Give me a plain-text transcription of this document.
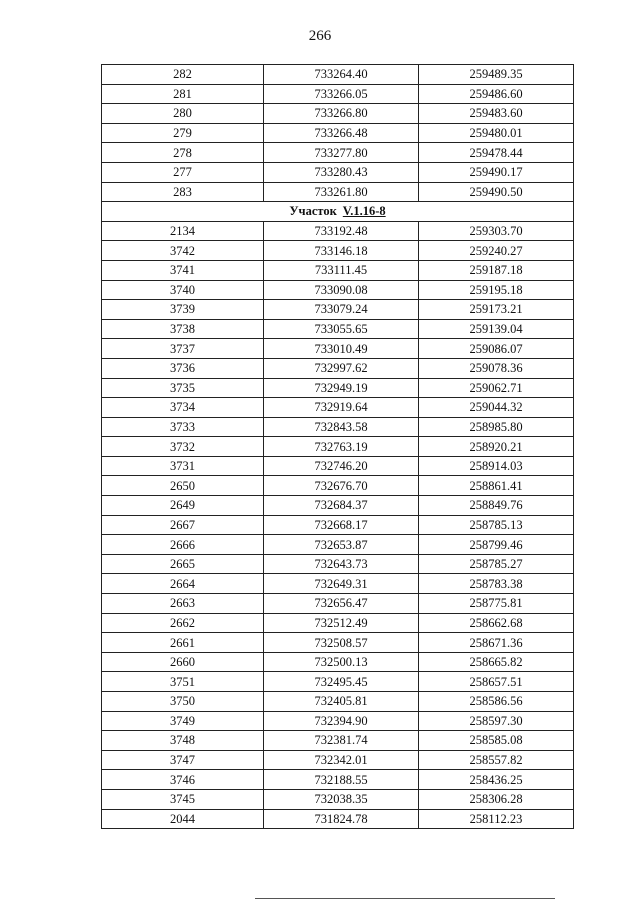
266
282	733264.40	259489.35
281	733266.05	259486.60
280	733266.80	259483.60
279	733266.48	259480.01
278	733277.80	259478.44
277	733280.43	259490.17
283	733261.80	259490.50
Участок V.1.16-8		
2134	733192.48	259303.70
3742	733146.18	259240.27
3741	733111.45	259187.18
3740	733090.08	259195.18
3739	733079.24	259173.21
3738	733055.65	259139.04
3737	733010.49	259086.07
3736	732997.62	259078.36
3735	732949.19	259062.71
3734	732919.64	259044.32
3733	732843.58	258985.80
3732	732763.19	258920.21
3731	732746.20	258914.03
2650	732676.70	258861.41
2649	732684.37	258849.76
2667	732668.17	258785.13
2666	732653.87	258799.46
2665	732643.73	258785.27
2664	732649.31	258783.38
2663	732656.47	258775.81
2662	732512.49	258662.68
2661	732508.57	258671.36
2660	732500.13	258665.82
3751	732495.45	258657.51
3750	732405.81	258586.56
3749	732394.90	258597.30
3748	732381.74	258585.08
3747	732342.01	258557.82
3746	732188.55	258436.25
3745	732038.35	258306.28
2044	731824.78	258112.23
